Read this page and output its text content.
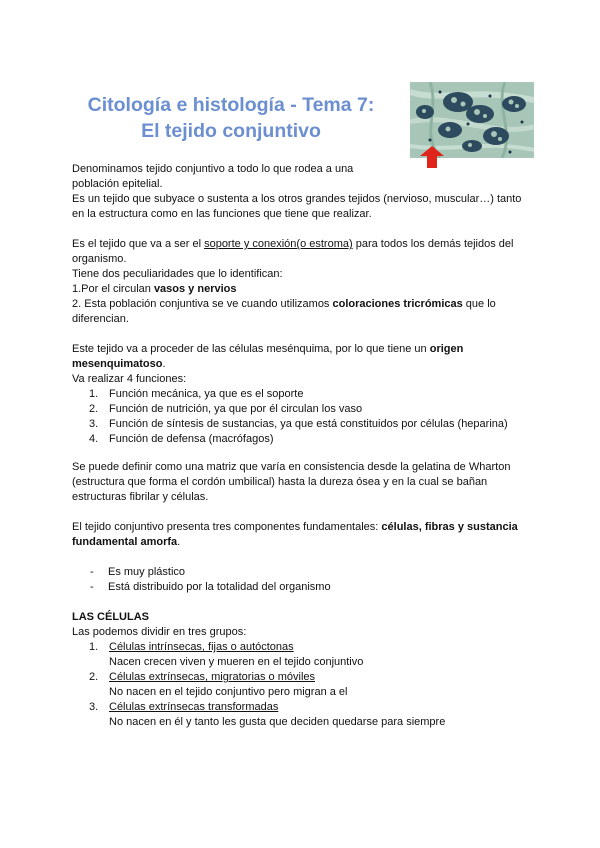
Citología e histología - Tema 7:
El tejido conjuntivo

Denominamos tejido conjuntivo a todo lo que rodea a una

población epitelial.

Es un tejido que subyace o sustenta a los otros grandes tejidos (nervioso, muscular…) tanto

en la estructura como en las funciones que tiene que realizar.

Es el tejido que va a ser el soporte y conexión(o estroma) para todos los demás tejidos del

organismo.

Tiene dos peculiaridades que lo identifican:

1.Por el circulan vasos y nervios

2. Esta población conjuntiva se ve cuando utilizamos coloraciones tricrómicas que lo

diferencian.

Este tejido va a proceder de las células mesénquima, por lo que tiene un origen

mesenquimatoso.

Va realizar 4 funciones:

1. Función mecánica, ya que es el soporte

2. Función de nutrición, ya que por él circulan los vaso

3. Función de síntesis de sustancias, ya que está constituidos por células (heparina)

4. Función de defensa (macrófagos)

Se puede definir como una matriz que varía en consistencia desde la gelatina de Wharton

(estructura que forma el cordón umbilical) hasta la dureza ósea y en la cual se bañan

estructuras fibrilar y células.

El tejido conjuntivo presenta tres componentes fundamentales: células, fibras y sustancia

fundamental amorfa.

- Es muy plástico

- Está distribuido por la totalidad del organismo

LAS CÉLULAS

Las podemos dividir en tres grupos:

1. Células intrínsecas, fijas o autóctonas

Nacen crecen viven y mueren en el tejido conjuntivo

2. Células extrínsecas, migratorias o móviles

No nacen en el tejido conjuntivo pero migran a el

3. Células extrínsecas transformadas

No nacen en él y tanto les gusta que deciden quedarse para siempre
